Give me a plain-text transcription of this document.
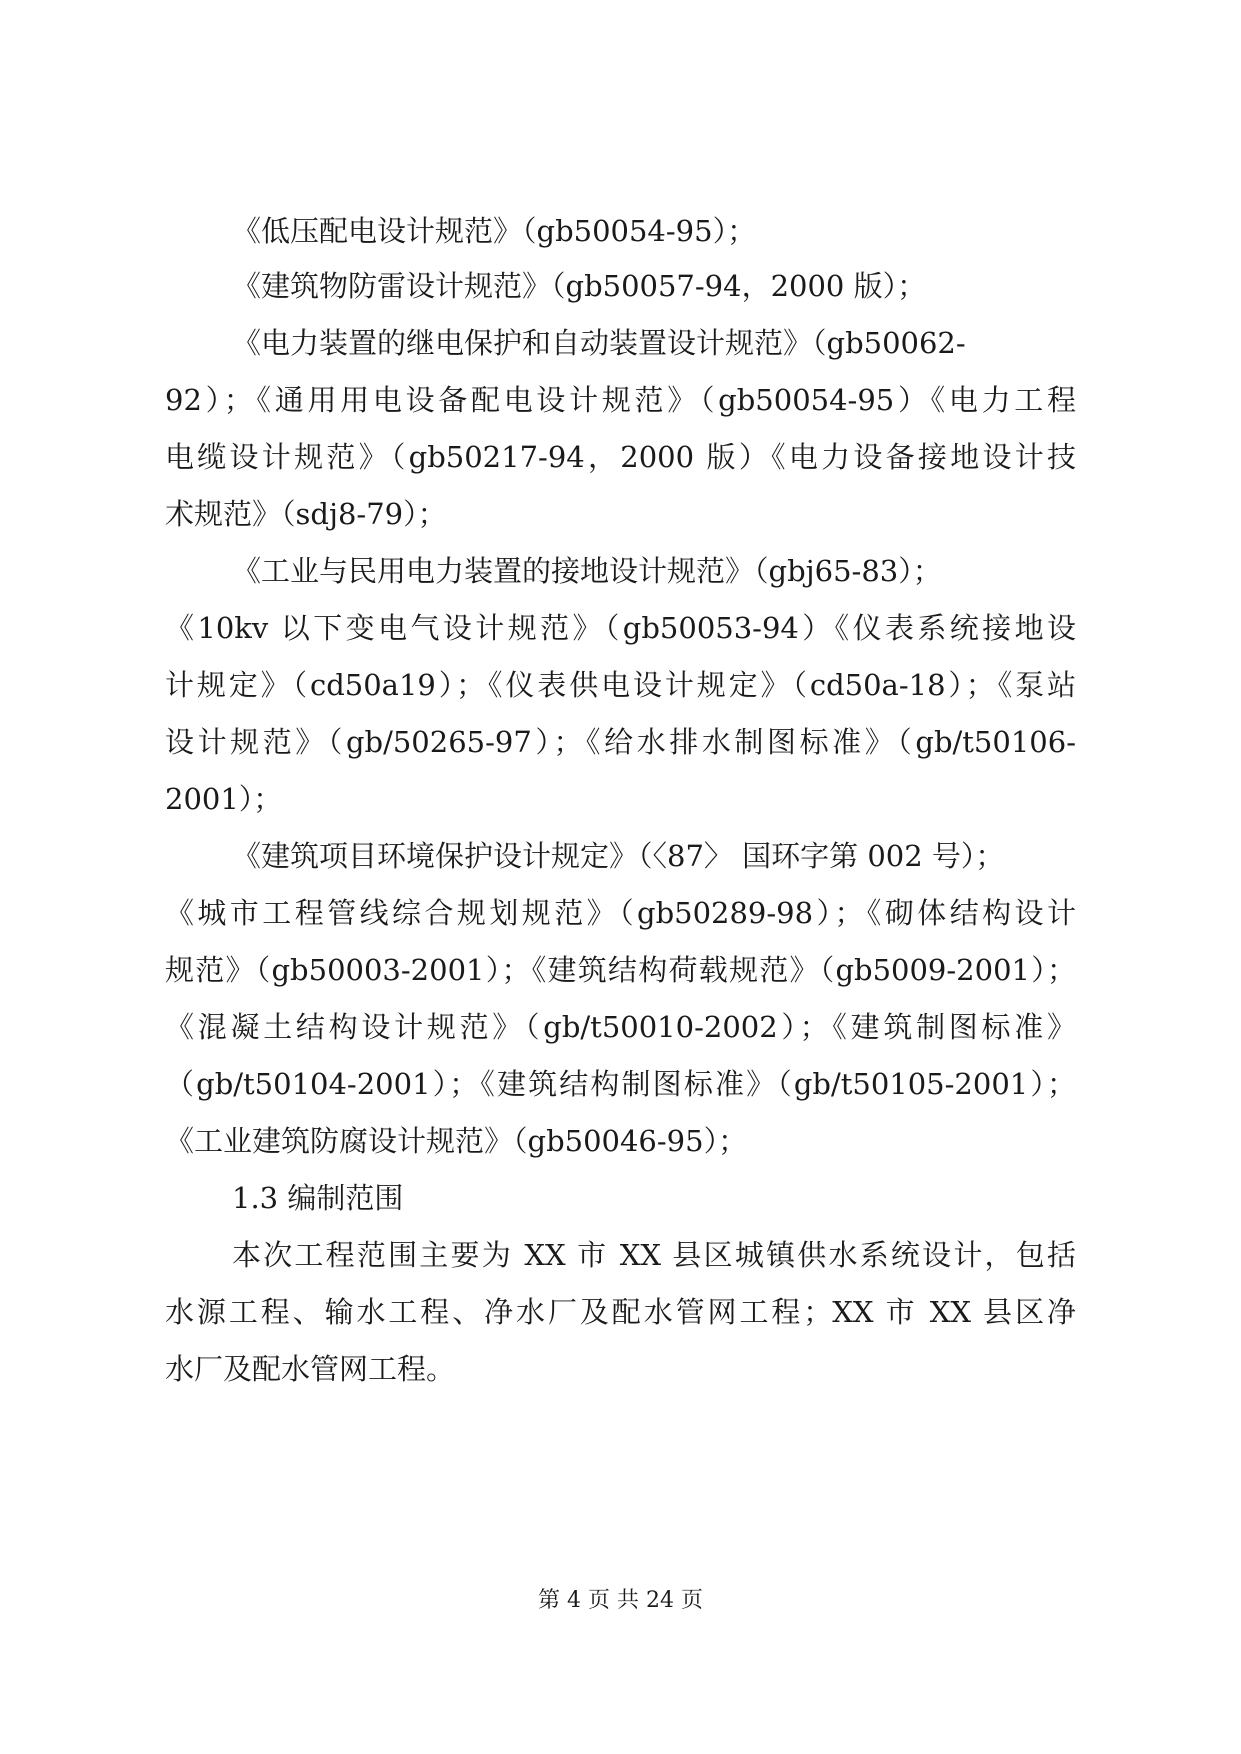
《低压配电设计规范》（gb50054-95）；
《建筑物防雷设计规范》（gb50057-94，2000 版）；
《电力装置的继电保护和自动装置设计规范》（gb50062-
92）；《通用用电设备配电设计规范》（gb50054-95）《电力工程
电缆设计规范》（gb50217-94，2000 版）《电力设备接地设计技
术规范》（sdj8-79）；
《工业与民用电力装置的接地设计规范》（gbj65-83）；
《10kv 以下变电气设计规范》（gb50053-94）《仪表系统接地设
计规定》（cd50a19）；《仪表供电设计规定》（cd50a-18）；《泵站
设计规范》（gb/50265-97）；《给水排水制图标准》（gb/t50106-
2001）；
《建筑项目环境保护设计规定》（〈87〉 国环字第 002 号）；
《城市工程管线综合规划规范》（gb50289-98）；《砌体结构设计
规范》（gb50003-2001）；《建筑结构荷载规范》（gb5009-2001）；
《混凝土结构设计规范》（gb/t50010-2002）；《建筑制图标准》
（gb/t50104-2001）；《建筑结构制图标准》（gb/t50105-2001）；
《工业建筑防腐设计规范》（gb50046-95）；
1.3 编制范围
本次工程范围主要为 XX 市 XX 县区城镇供水系统设计，包括
水源工程、输水工程、净水厂及配水管网工程；XX 市 XX 县区净
水厂及配水管网工程。
第 4 页 共 24 页
